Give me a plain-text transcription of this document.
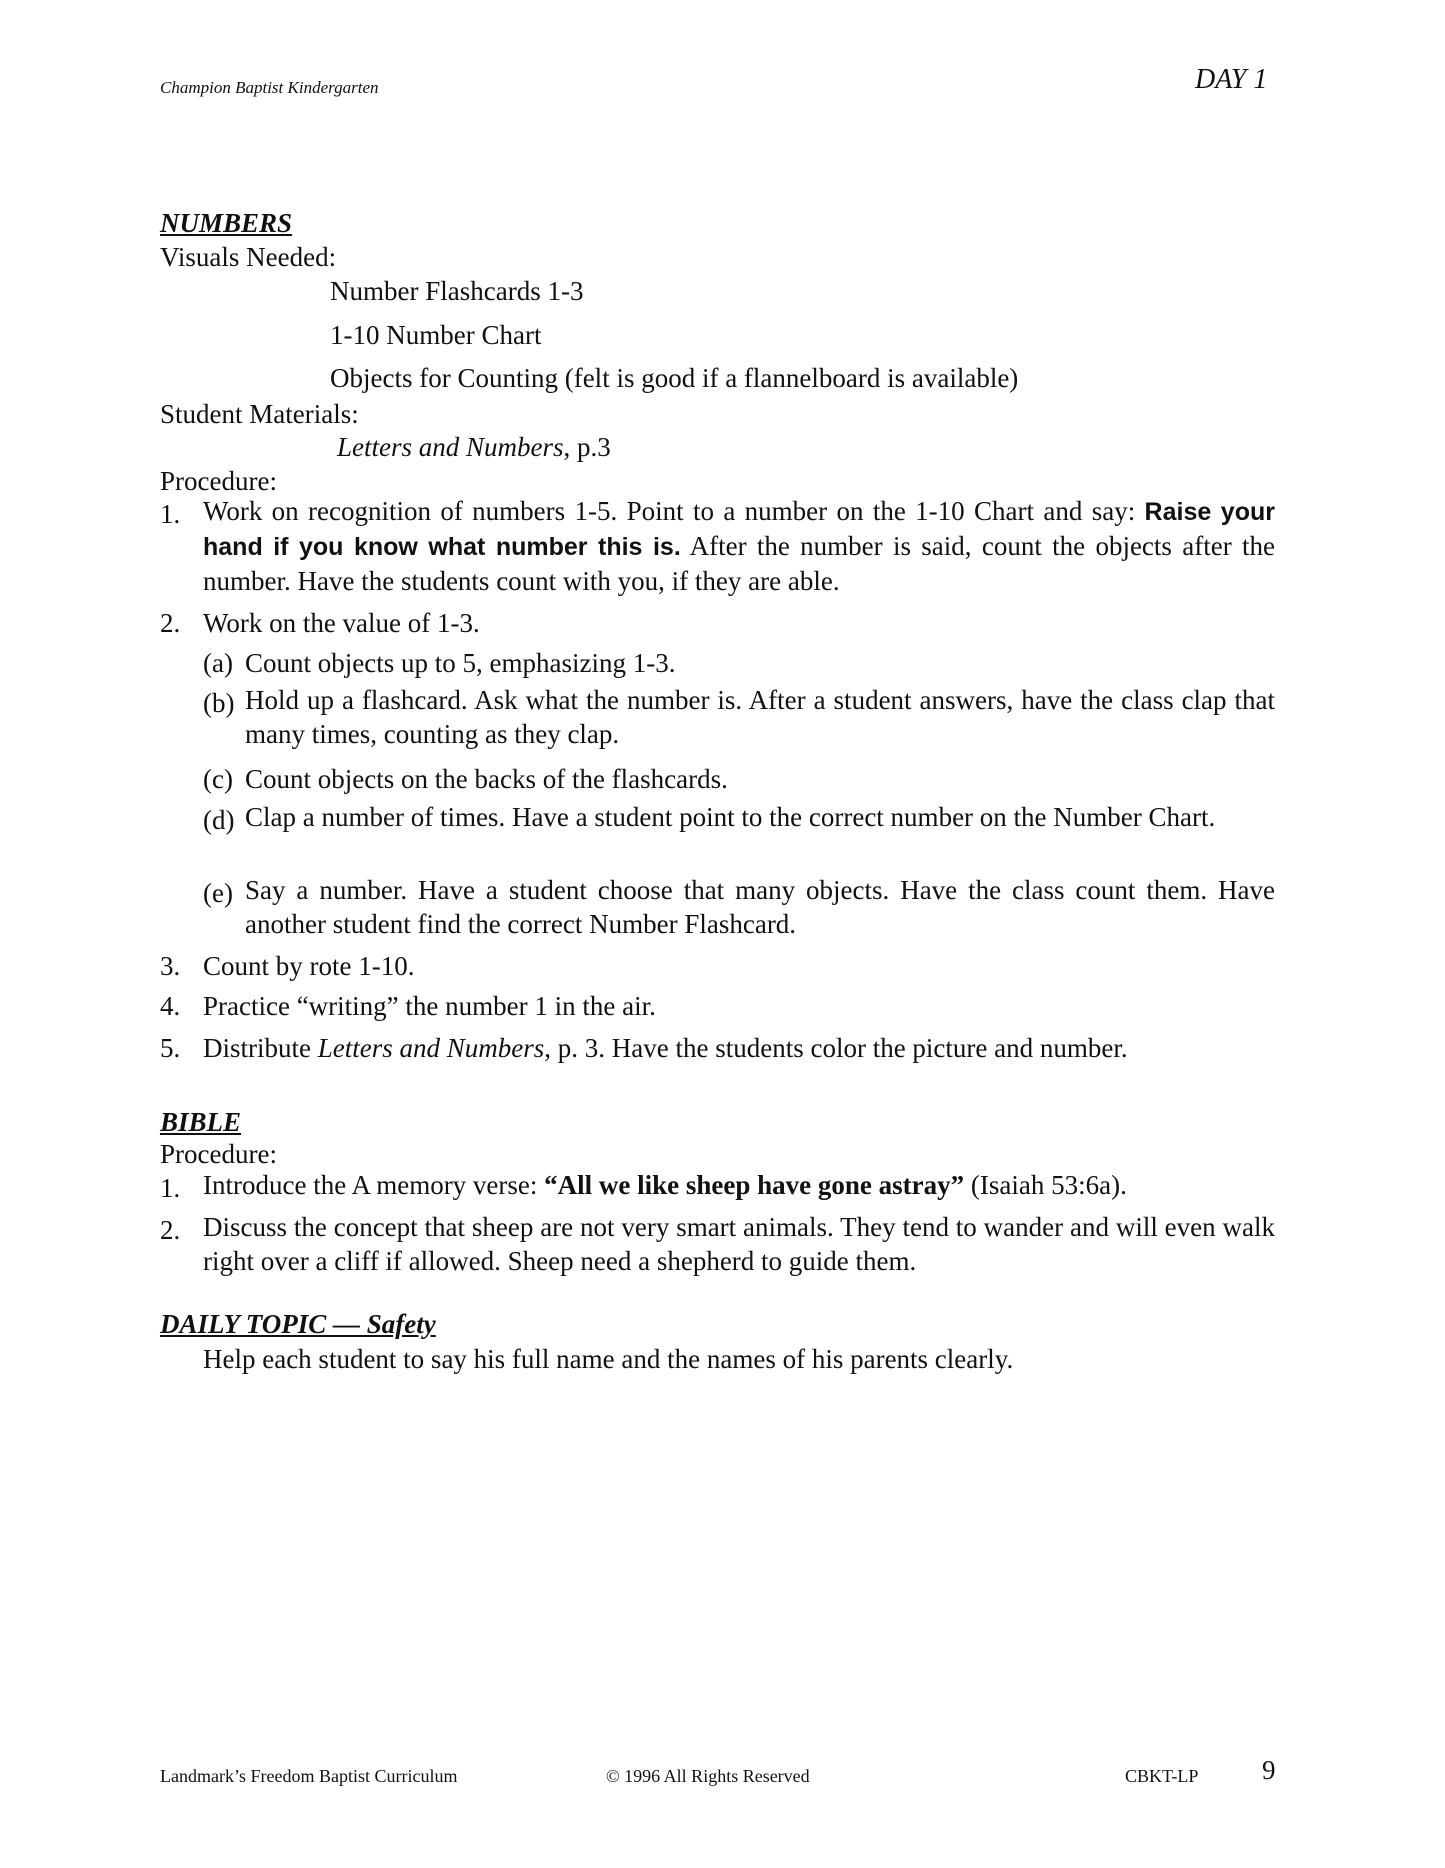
Champion Baptist Kindergarten	DAY 1

NUMBERS
Visuals Needed:
Number Flashcards 1-3
1-10 Number Chart
Objects for Counting (felt is good if a flannelboard is available)
Student Materials:
Letters and Numbers, p.3
Procedure:
1. Work on recognition of numbers 1-5. Point to a number on the 1-10 Chart and say: Raise your hand if you know what number this is. After the number is said, count the objects after the number. Have the students count with you, if they are able.
2. Work on the value of 1-3.
(a) Count objects up to 5, emphasizing 1-3.
(b) Hold up a flashcard. Ask what the number is. After a student answers, have the class clap that many times, counting as they clap.
(c) Count objects on the backs of the flashcards.
(d) Clap a number of times. Have a student point to the correct number on the Number Chart.
(e) Say a number. Have a student choose that many objects. Have the class count them. Have another student find the correct Number Flashcard.
3. Count by rote 1-10.
4. Practice “writing” the number 1 in the air.
5. Distribute Letters and Numbers, p. 3. Have the students color the picture and number.
BIBLE
Procedure:
1. Introduce the A memory verse: “All we like sheep have gone astray” (Isaiah 53:6a).
2. Discuss the concept that sheep are not very smart animals. They tend to wander and will even walk right over a cliff if allowed. Sheep need a shepherd to guide them.
DAILY TOPIC — Safety
Help each student to say his full name and the names of his parents clearly.
Landmark’s Freedom Baptist Curriculum	© 1996 All Rights Reserved	CBKT-LP 9
